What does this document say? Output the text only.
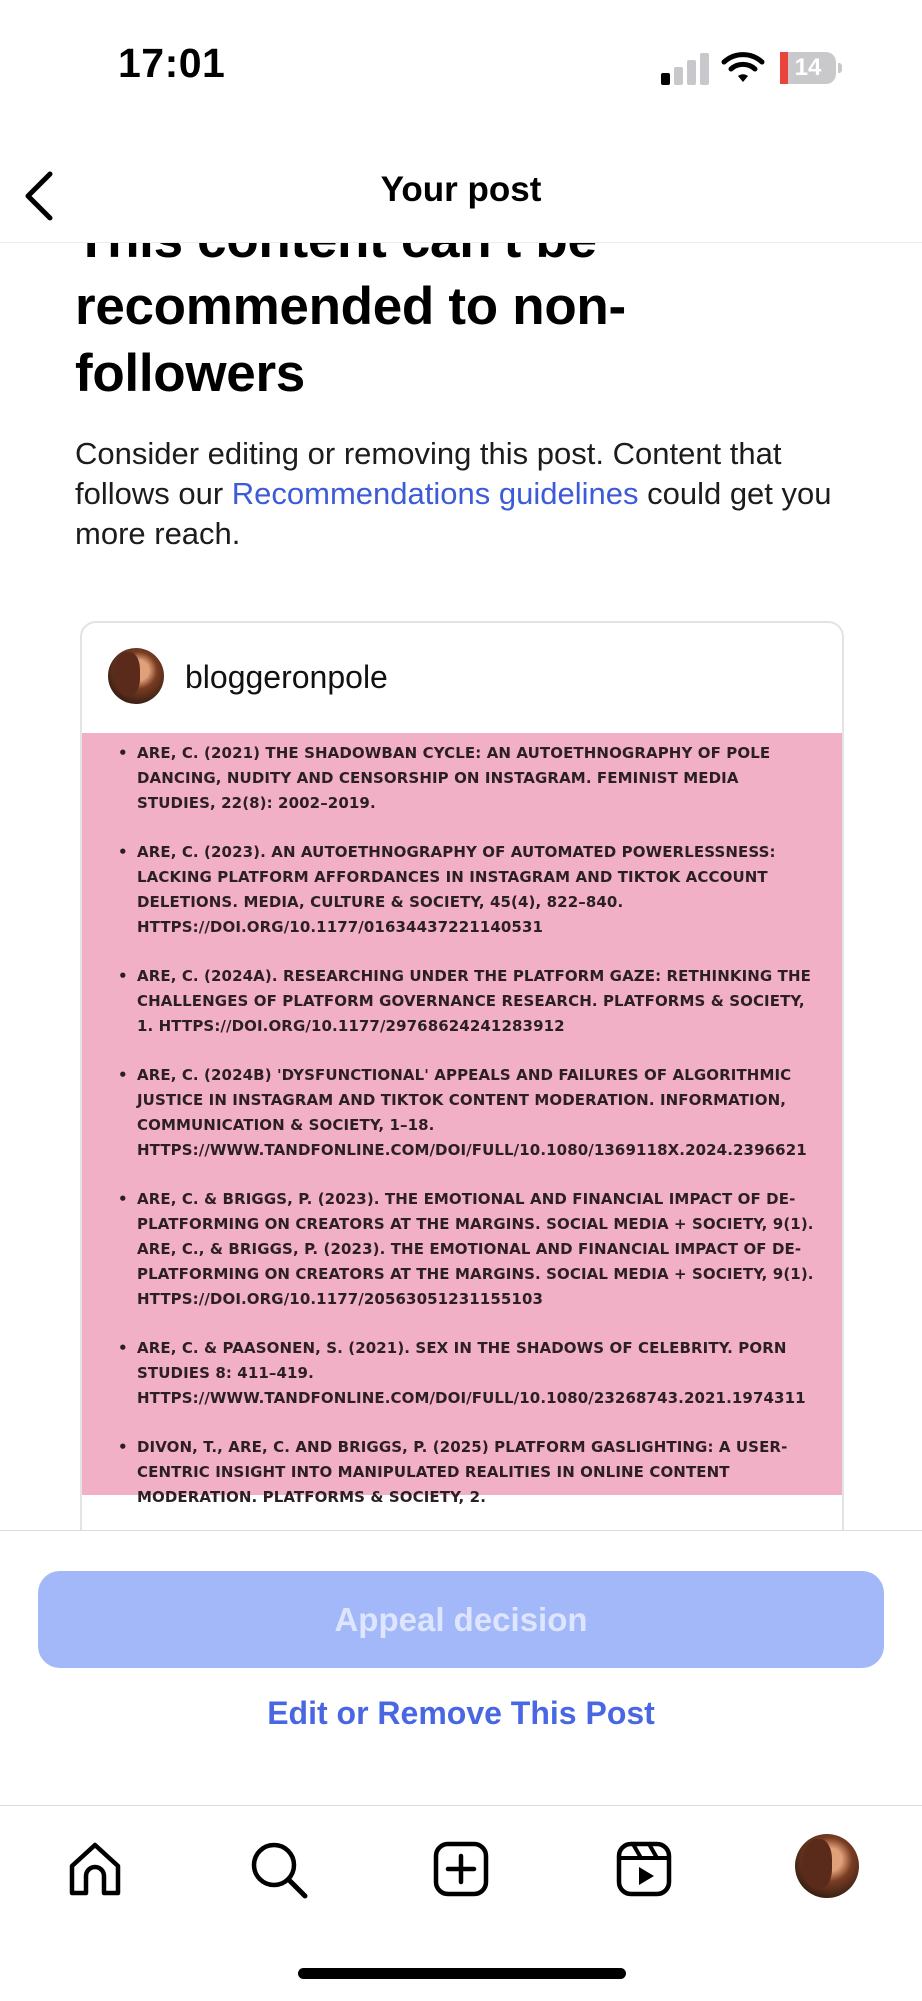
17:01	14
Your post
recommended to non-followers

Consider editing or removing this post. Content that follows our Recommendations guidelines could get you more reach.

bloggeronpole
• ARE, C. (2021) THE SHADOWBAN CYCLE: AN AUTOETHNOGRAPHY OF POLE DANCING, NUDITY AND CENSORSHIP ON INSTAGRAM. FEMINIST MEDIA STUDIES, 22(8): 2002–2019.
• ARE, C. (2023). AN AUTOETHNOGRAPHY OF AUTOMATED POWERLESSNESS: LACKING PLATFORM AFFORDANCES IN INSTAGRAM AND TIKTOK ACCOUNT DELETIONS. MEDIA, CULTURE & SOCIETY, 45(4), 822–840. HTTPS://DOI.ORG/10.1177/01634437221140531
• ARE, C. (2024A). RESEARCHING UNDER THE PLATFORM GAZE: RETHINKING THE CHALLENGES OF PLATFORM GOVERNANCE RESEARCH. PLATFORMS & SOCIETY, 1. HTTPS://DOI.ORG/10.1177/29768624241283912
• ARE, C. (2024B) 'DYSFUNCTIONAL' APPEALS AND FAILURES OF ALGORITHMIC JUSTICE IN INSTAGRAM AND TIKTOK CONTENT MODERATION. INFORMATION, COMMUNICATION & SOCIETY, 1–18. HTTPS://WWW.TANDFONLINE.COM/DOI/FULL/10.1080/1369118X.2024.2396621
• ARE, C. & BRIGGS, P. (2023). THE EMOTIONAL AND FINANCIAL IMPACT OF DE-PLATFORMING ON CREATORS AT THE MARGINS. SOCIAL MEDIA + SOCIETY, 9(1). ARE, C., & BRIGGS, P. (2023). THE EMOTIONAL AND FINANCIAL IMPACT OF DE-PLATFORMING ON CREATORS AT THE MARGINS. SOCIAL MEDIA + SOCIETY, 9(1). HTTPS://DOI.ORG/10.1177/20563051231155103
• ARE, C. & PAASONEN, S. (2021). SEX IN THE SHADOWS OF CELEBRITY. PORN STUDIES 8: 411–419. HTTPS://WWW.TANDFONLINE.COM/DOI/FULL/10.1080/23268743.2021.1974311
• DIVON, T., ARE, C. AND BRIGGS, P. (2025) PLATFORM GASLIGHTING: A USER-CENTRIC INSIGHT INTO MANIPULATED REALITIES IN ONLINE CONTENT MODERATION. PLATFORMS & SOCIETY, 2.
Appeal decision
Edit or Remove This Post
